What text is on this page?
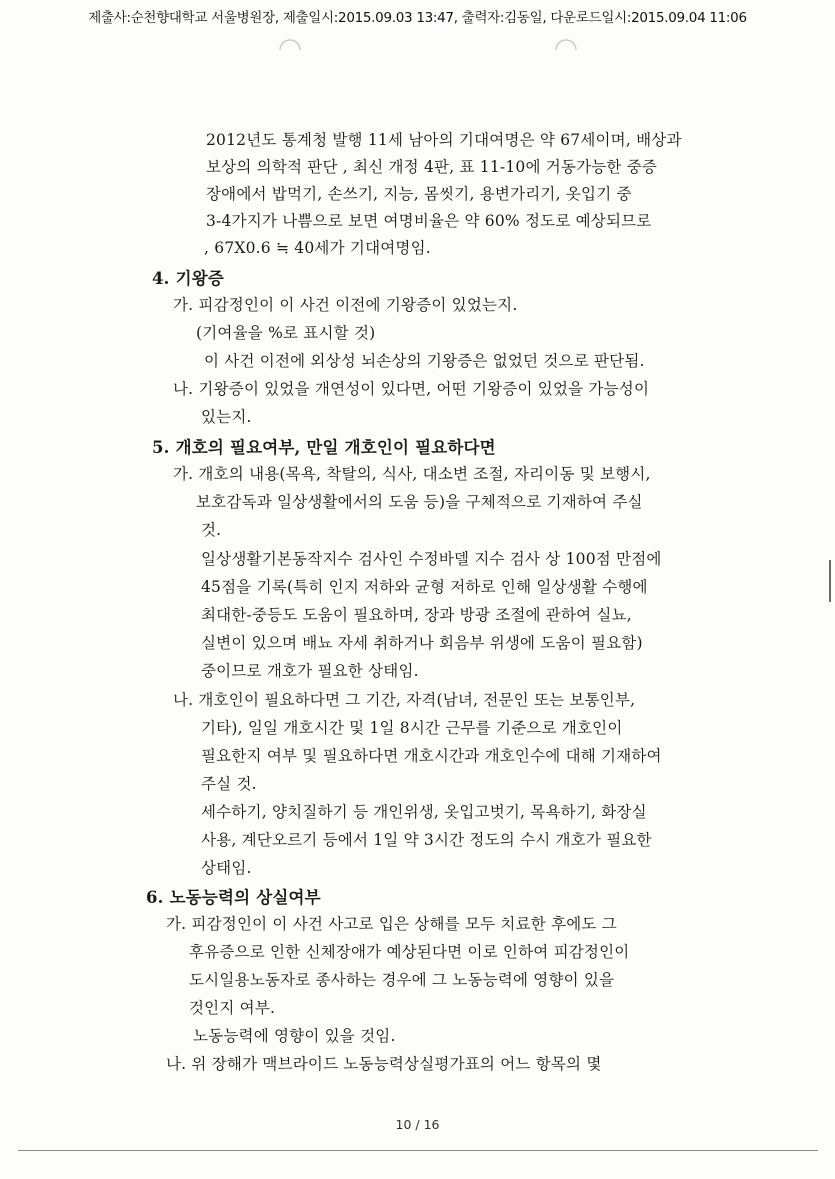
제출사:순천향대학교 서울병원장, 제출일시:2015.09.03 13:47, 출력자:김동일, 다운로드일시:2015.09.04 11:06
2012년도 통계청 발행 11세 남아의 기대여명은 약 67세이며, 배상과
보상의 의학적 판단 , 최신 개정 4판, 표 11-10에 거동가능한 중증
장애에서 밥먹기, 손쓰기, 지능, 몸씻기, 용변가리기, 옷입기 중
3-4가지가 나쁨으로 보면 여명비율은 약 60% 정도로 예상되므로
, 67X0.6 ≒ 40세가 기대여명임.
4. 기왕증
가. 피감정인이 이 사건 이전에 기왕증이 있었는지.
(기여율을 %로 표시할 것)
이 사건 이전에 외상성 뇌손상의 기왕증은 없었던 것으로 판단됨.
나. 기왕증이 있었을 개연성이 있다면, 어떤 기왕증이 있었을 가능성이
있는지.
5. 개호의 필요여부, 만일 개호인이 필요하다면
가. 개호의 내용(목욕, 착탈의, 식사, 대소변 조절, 자리이동 및 보행시,
보호감독과 일상생활에서의 도움 등)을 구체적으로 기재하여 주실
것.
일상생활기본동작지수 검사인 수정바델 지수 검사 상 100점 만점에
45점을 기록(특히 인지 저하와 균형 저하로 인해 일상생활 수행에
최대한-중등도 도움이 필요하며, 장과 방광 조절에 관하여 실뇨,
실변이 있으며 배뇨 자세 취하거나 회음부 위생에 도움이 필요함)
중이므로 개호가 필요한 상태임.
나. 개호인이 필요하다면 그 기간, 자격(남녀, 전문인 또는 보통인부,
기타), 일일 개호시간 및 1일 8시간 근무를 기준으로 개호인이
필요한지 여부 및 필요하다면 개호시간과 개호인수에 대해 기재하여
주실 것.
세수하기, 양치질하기 등 개인위생, 옷입고벗기, 목욕하기, 화장실
사용, 계단오르기 등에서 1일 약 3시간 정도의 수시 개호가 필요한
상태임.
6. 노동능력의 상실여부
가. 피감정인이 이 사건 사고로 입은 상해를 모두 치료한 후에도 그
후유증으로 인한 신체장애가 예상된다면 이로 인하여 피감정인이
도시일용노동자로 종사하는 경우에 그 노동능력에 영향이 있을
것인지 여부.
노동능력에 영향이 있을 것임.
나. 위 장해가 맥브라이드 노동능력상실평가표의 어느 항목의 몇
10 / 16
